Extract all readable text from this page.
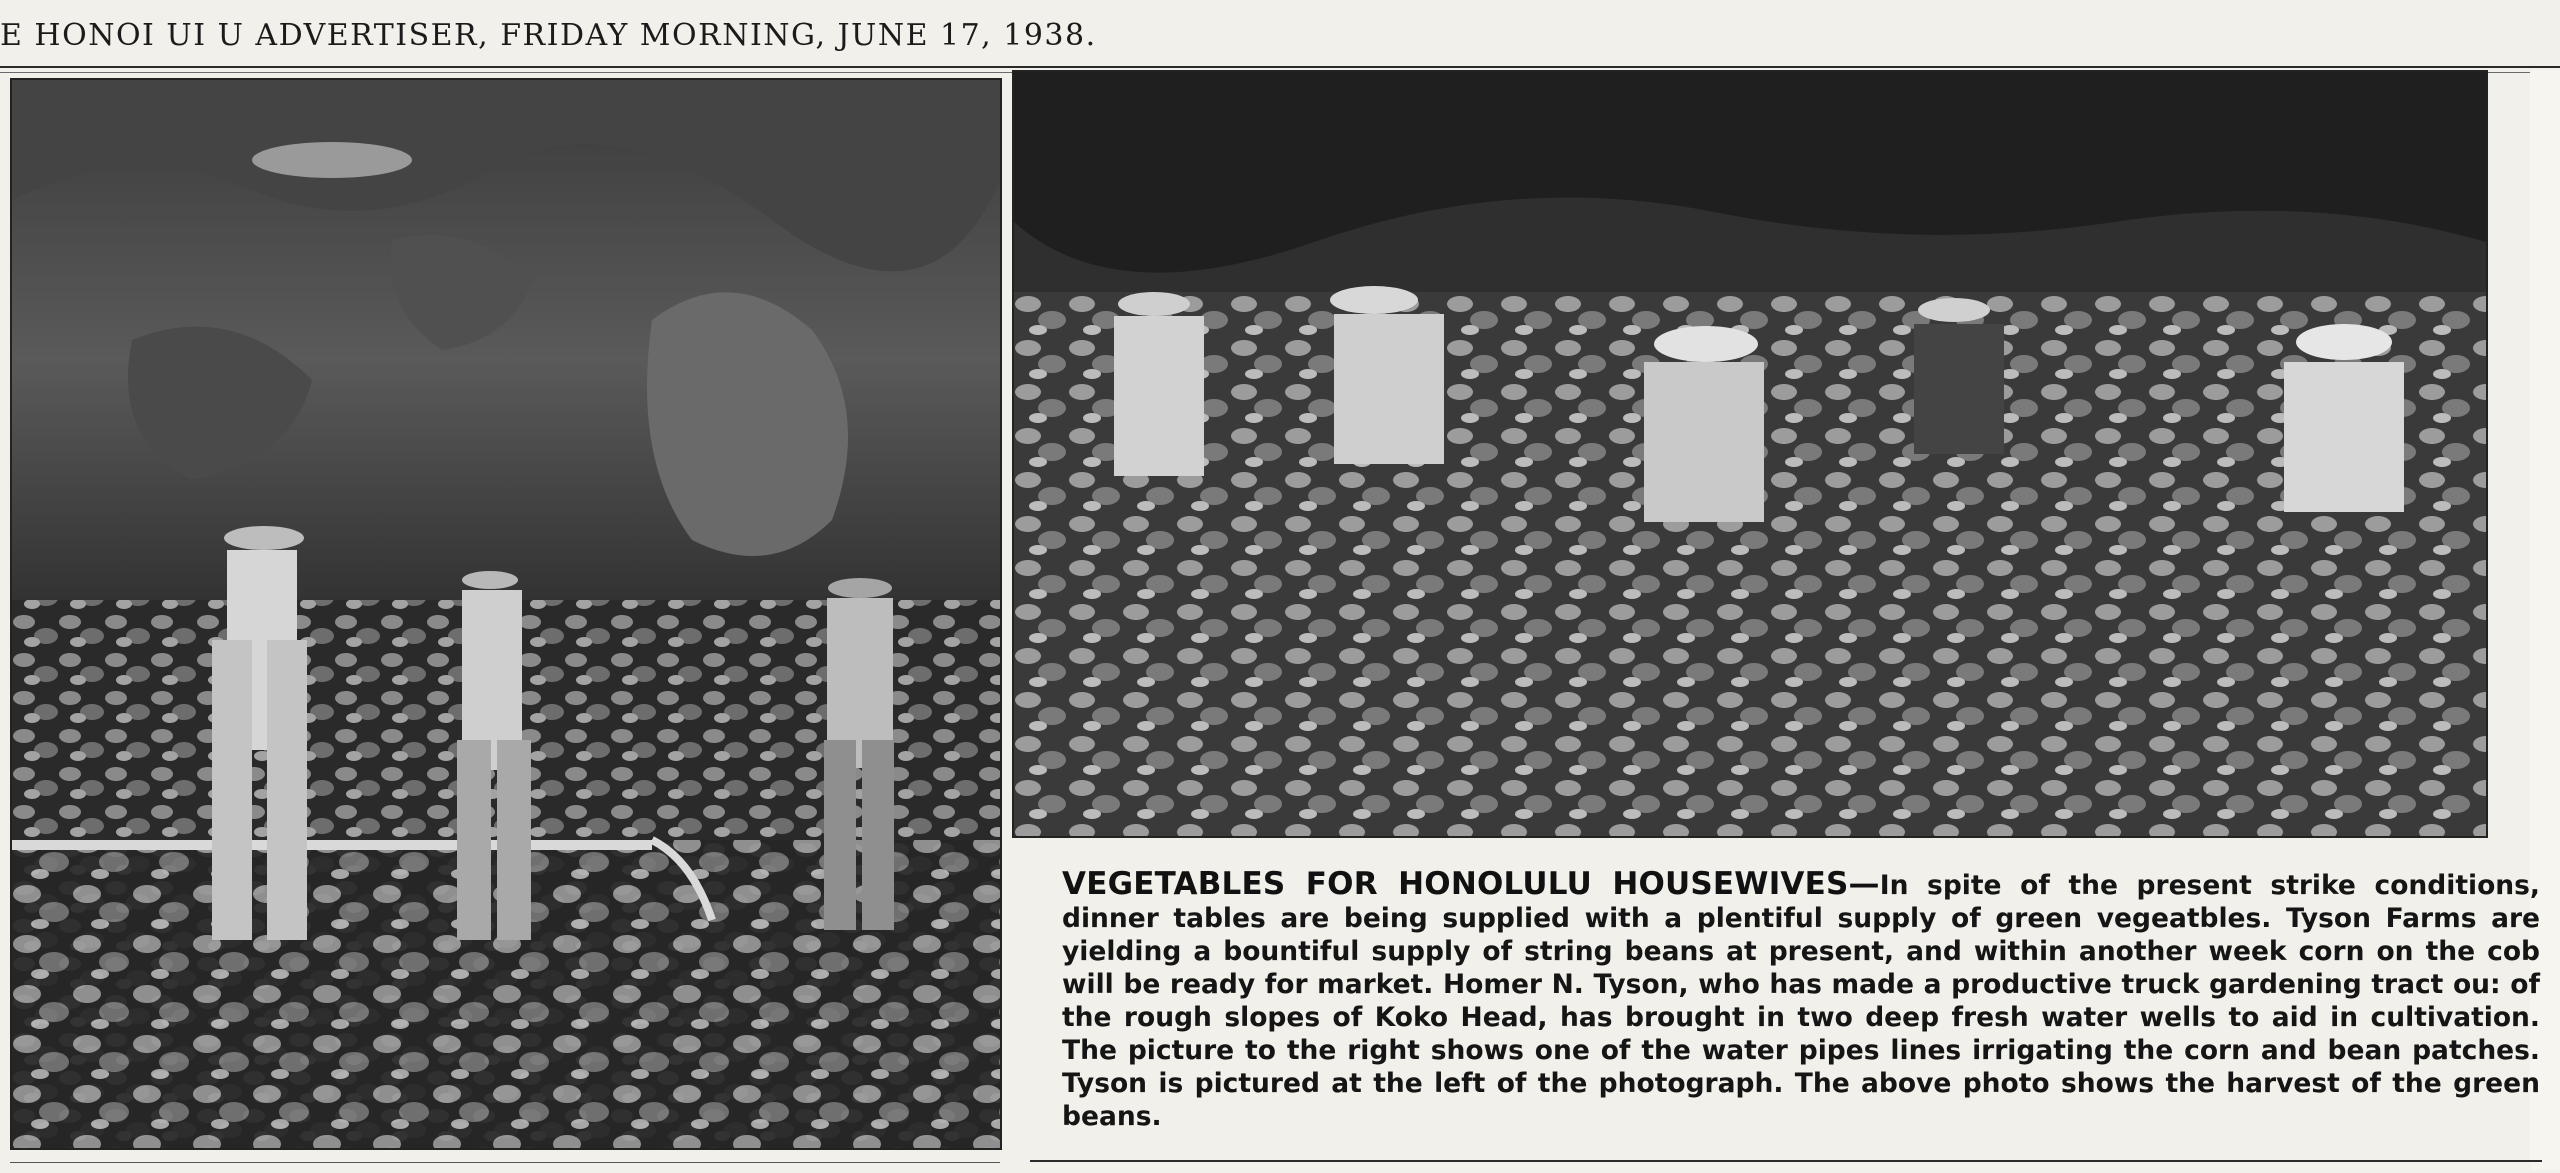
E HONOI UI U ADVERTISER, FRIDAY MORNING, JUNE 17, 1938.
VEGETABLES FOR HONOLULU HOUSEWIVES—In spite of the present strike conditions, dinner tables are being supplied with a plentiful supply of green vegeatbles. Tyson Farms are yielding a bountiful supply of string beans at present, and within another week corn on the cob will be ready for market. Homer N. Tyson, who has made a productive truck gardening tract ou: of the rough slopes of Koko Head, has brought in two deep fresh water wells to aid in cultivation. The picture to the right shows one of the water pipes lines irrigating the corn and bean patches. Tyson is pictured at the left of the photograph. The above photo shows the harvest of the green beans.
